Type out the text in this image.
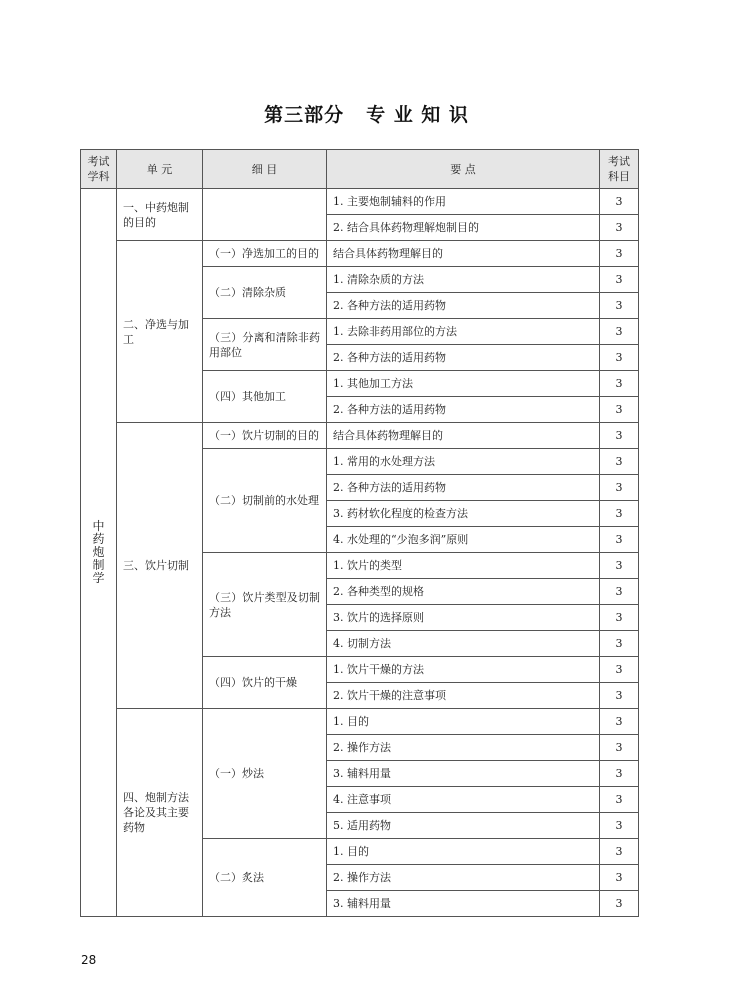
第三部分 专 业 知 识
考试学科	单 元	细 目	要 点	考试科目
中药炮制学	一、中药炮制的目的		1. 主要炮制辅料的作用	3
			2. 结合具体药物理解炮制目的	3
	二、净选与加工	（一）净选加工的目的	结合具体药物理解目的	3
		（二）清除杂质	1. 清除杂质的方法	3
			2. 各种方法的适用药物	3
		（三）分离和清除非药用部位	1. 去除非药用部位的方法	3
			2. 各种方法的适用药物	3
		（四）其他加工	1. 其他加工方法	3
			2. 各种方法的适用药物	3
	三、饮片切制	（一）饮片切制的目的	结合具体药物理解目的	3
		（二）切制前的水处理	1. 常用的水处理方法	3
			2. 各种方法的适用药物	3
			3. 药材软化程度的检查方法	3
			4. 水处理的“少泡多润”原则	3
		（三）饮片类型及切制方法	1. 饮片的类型	3
			2. 各种类型的规格	3
			3. 饮片的选择原则	3
			4. 切制方法	3
		（四）饮片的干燥	1. 饮片干燥的方法	3
			2. 饮片干燥的注意事项	3
	四、炮制方法各论及其主要药物	（一）炒法	1. 目的	3
			2. 操作方法	3
			3. 辅料用量	3
			4. 注意事项	3
			5. 适用药物	3
		（二）炙法	1. 目的	3
			2. 操作方法	3
			3. 辅料用量	3
28
